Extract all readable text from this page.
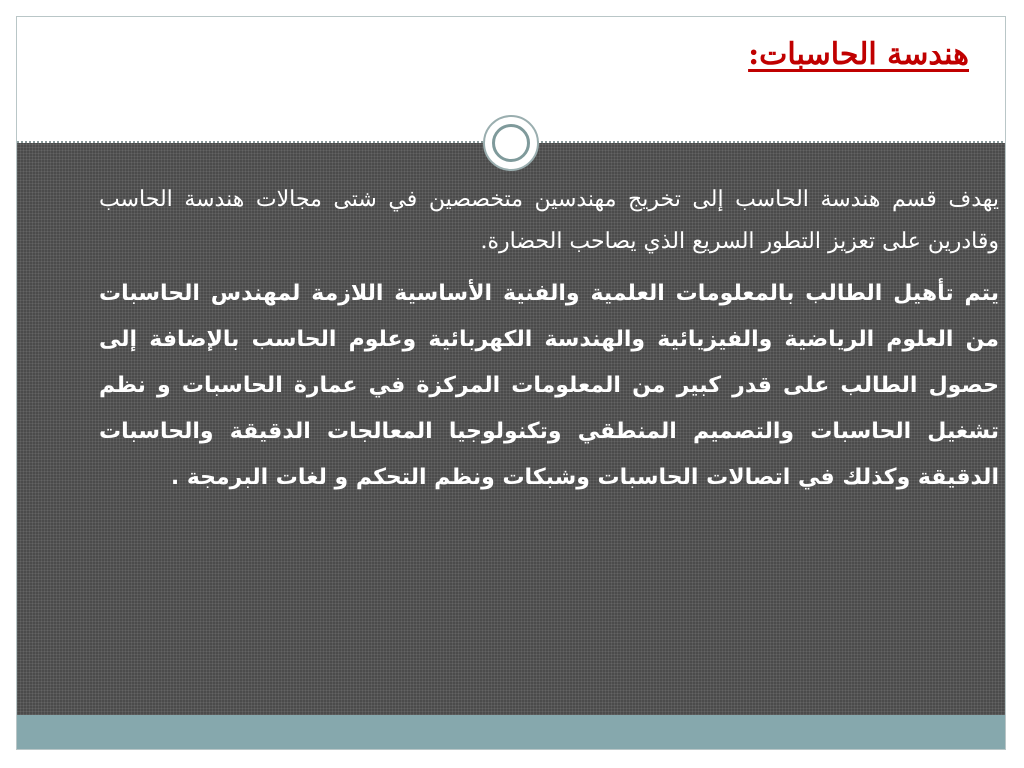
هندسة الحاسبات:
يهدف قسم هندسة الحاسب إلى تخريج مهندسين متخصصين في شتى مجالات هندسة الحاسب وقادرين على تعزيز التطور السريع الذي يصاحب الحضارة.
يتم تأهيل الطالب بالمعلومات العلمية والفنية الأساسية اللازمة لمهندس الحاسبات من العلوم الرياضية والفيزيائية والهندسة الكهربائية وعلوم الحاسب بالإضافة إلى حصول الطالب على قدر كبير من المعلومات المركزة في عمارة الحاسبات و نظم تشغيل الحاسبات والتصميم المنطقي وتكنولوجيا المعالجات الدقيقة والحاسبات الدقيقة وكذلك في اتصالات الحاسبات وشبكات ونظم التحكم و لغات البرمجة .
